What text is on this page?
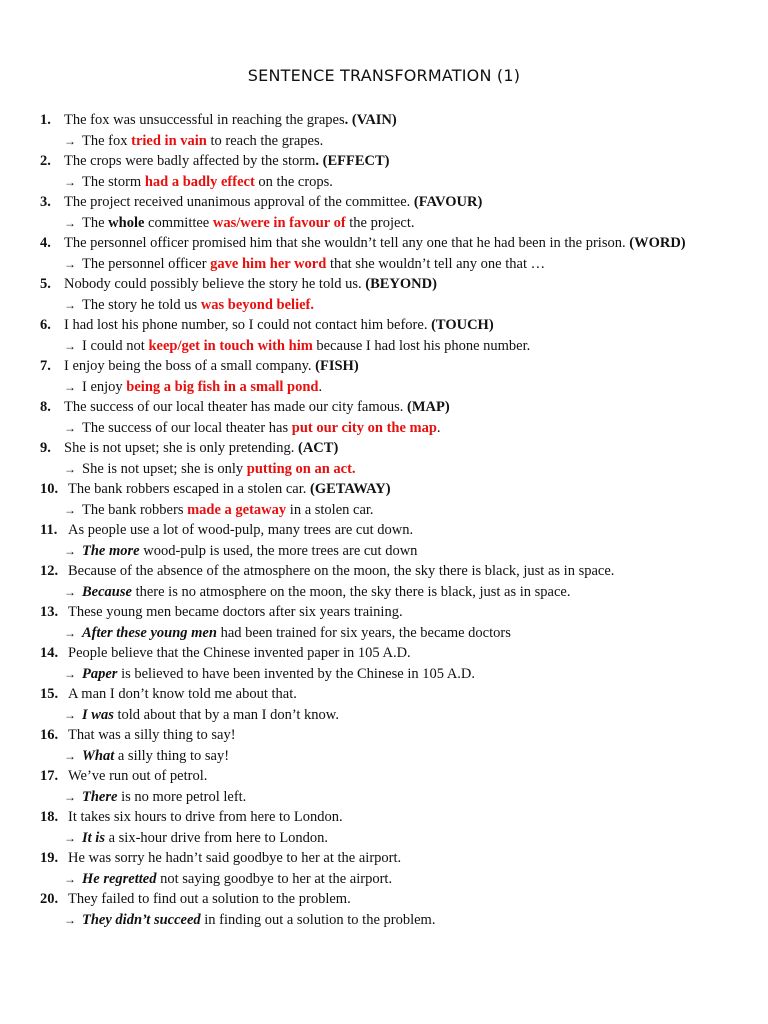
SENTENCE TRANSFORMATION (1)
1. The fox was unsuccessful in reaching the grapes. (VAIN)
→ The fox tried in vain to reach the grapes.
2. The crops were badly affected by the storm. (EFFECT)
→ The storm had a badly effect on the crops.
3. The project received unanimous approval of the committee. (FAVOUR)
→ The whole committee was/were in favour of the project.
4. The personnel officer promised him that she wouldn’t tell any one that he had been in the prison. (WORD)
→ The personnel officer gave him her word that she wouldn’t tell any one that …
5. Nobody could possibly believe the story he told us. (BEYOND)
→ The story he told us was beyond belief.
6. I had lost his phone number, so I could not contact him before. (TOUCH)
→ I could not keep/get in touch with him because I had lost his phone number.
7. I enjoy being the boss of a small company. (FISH)
→ I enjoy being a big fish in a small pond.
8. The success of our local theater has made our city famous. (MAP)
→ The success of our local theater has put our city on the map.
9. She is not upset; she is only pretending. (ACT)
→ She is not upset; she is only putting on an act.
10. The bank robbers escaped in a stolen car. (GETAWAY)
→ The bank robbers made a getaway in a stolen car.
11. As people use a lot of wood-pulp, many trees are cut down.
→ The more wood-pulp is used, the more trees are cut down
12. Because of the absence of the atmosphere on the moon, the sky there is black, just as in space.
→ Because there is no atmosphere on the moon, the sky there is black, just as in space.
13. These young men became doctors after six years training.
→ After these young men had been trained for six years, the became doctors
14. People believe that the Chinese invented paper in 105 A.D.
→ Paper is believed to have been invented by the Chinese in 105 A.D.
15. A man I don’t know told me about that.
→ I was told about that by a man I don’t know.
16. That was a silly thing to say!
→ What a silly thing to say!
17. We’ve run out of petrol.
→ There is no more petrol left.
18. It takes six hours to drive from here to London.
→ It is a six-hour drive from here to London.
19. He was sorry he hadn’t said goodbye to her at the airport.
→ He regretted not saying goodbye to her at the airport.
20. They failed to find out a solution to the problem.
→ They didn’t succeed in finding out a solution to the problem.
